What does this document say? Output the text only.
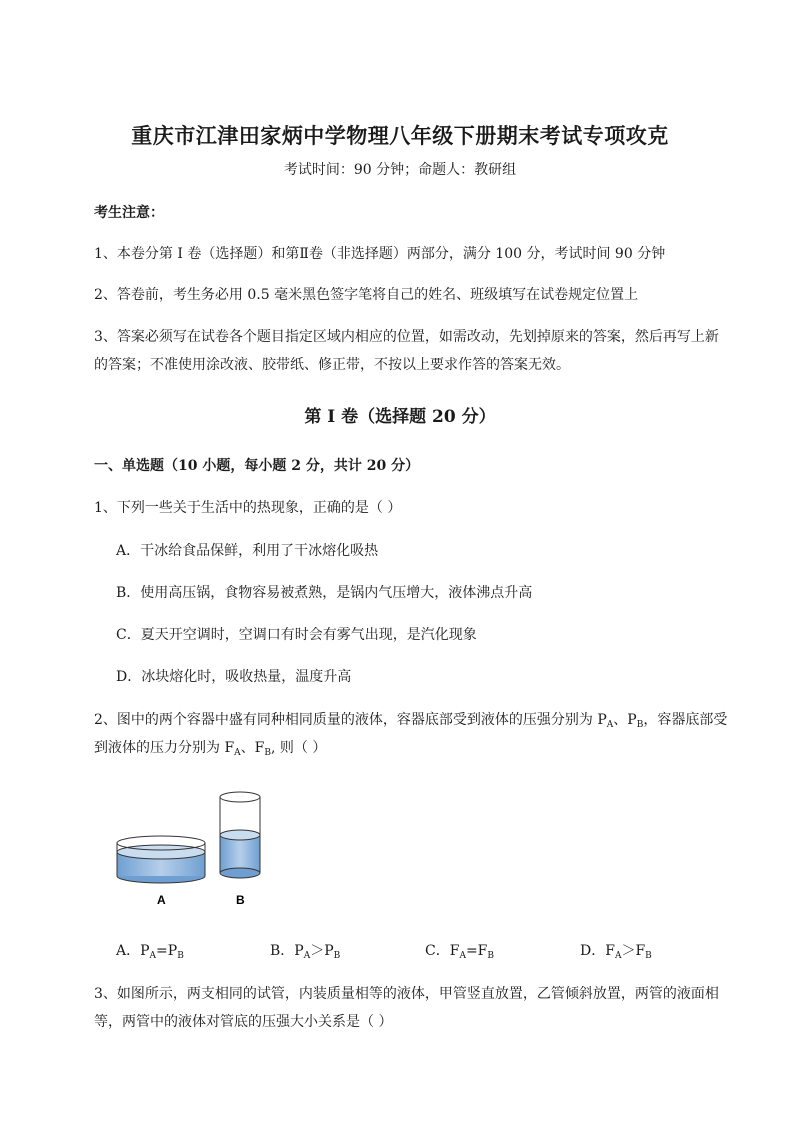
重庆市江津田家炳中学物理八年级下册期末考试专项攻克
考试时间：90 分钟；命题人：教研组
考生注意：
1、本卷分第 I 卷（选择题）和第Ⅱ卷（非选择题）两部分，满分 100 分，考试时间 90 分钟
2、答卷前，考生务必用 0.5 毫米黑色签字笔将自己的姓名、班级填写在试卷规定位置上
3、答案必须写在试卷各个题目指定区域内相应的位置，如需改动，先划掉原来的答案，然后再写上新
的答案；不准使用涂改液、胶带纸、修正带，不按以上要求作答的答案无效。
第 I 卷（选择题 20 分）
一、单选题（10 小题，每小题 2 分，共计 20 分）
1、下列一些关于生活中的热现象，正确的是（ ）
A．干冰给食品保鲜，利用了干冰熔化吸热
B．使用高压锅，食物容易被煮熟，是锅内气压增大，液体沸点升高
C．夏天开空调时，空调口有时会有雾气出现，是汽化现象
D．冰块熔化时，吸收热量，温度升高
2、图中的两个容器中盛有同种相同质量的液体，容器底部受到液体的压强分别为 $P_A$、$P_B$，容器底部受
到液体的压力分别为 $F_A$、$F_B$, 则（ ）
A	B
A．$P_A=P_B$	B．$P_A>P_B$	C．$F_A=F_B$	D．$F_A>F_B$
3、如图所示，两支相同的试管，内装质量相等的液体，甲管竖直放置，乙管倾斜放置，两管的液面相
等，两管中的液体对管底的压强大小关系是（ ）
